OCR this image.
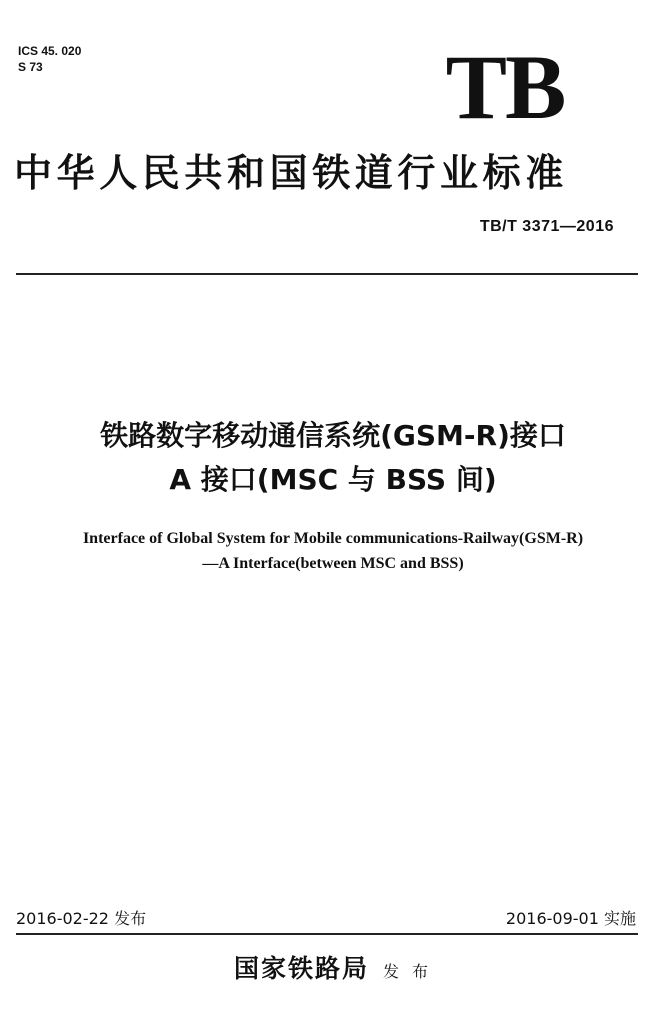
ICS 45. 020
S 73	TB
中华人民共和国铁道行业标准
TB/T 3371—2016
铁路数字移动通信系统(GSM-R)接口
A 接口(MSC 与 BSS 间)
Interface of Global System for Mobile communications-Railway(GSM-R)
—A Interface(between MSC and BSS)
2016-02-22 发布	2016-09-01 实施
国家铁路局 发 布
